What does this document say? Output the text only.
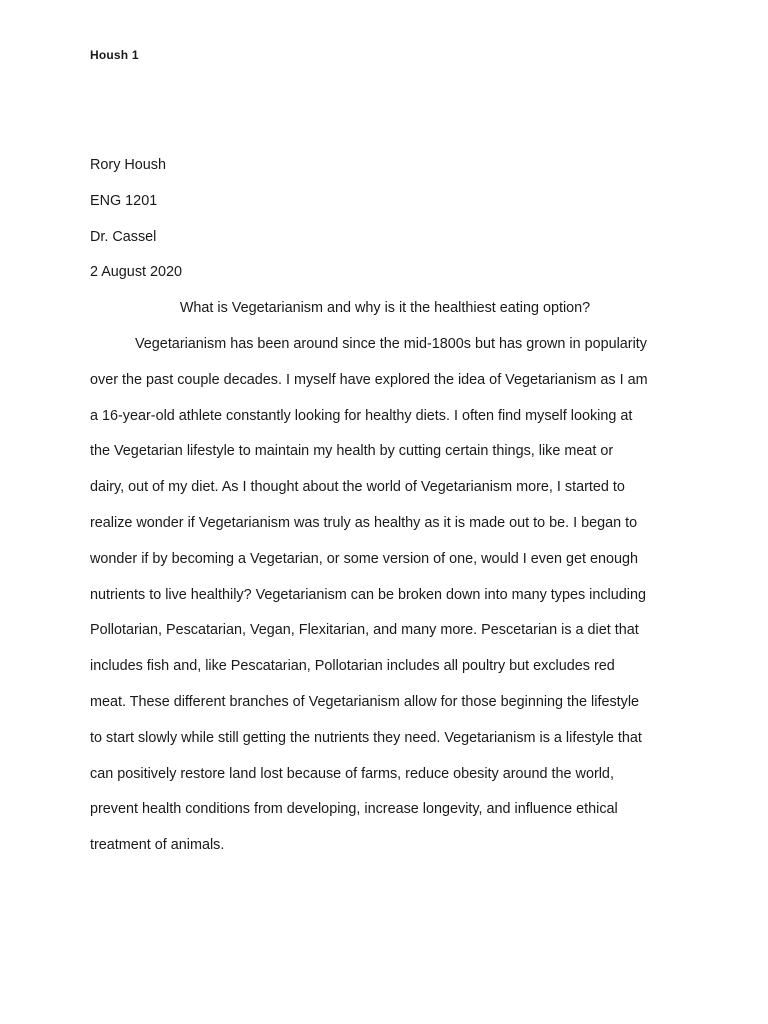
Housh 1
Rory Housh
ENG 1201
Dr. Cassel
2 August 2020
What is Vegetarianism and why is it the healthiest eating option?
Vegetarianism has been around since the mid-1800s but has grown in popularity
over the past couple decades. I myself have explored the idea of Vegetarianism as I am
a 16-year-old athlete constantly looking for healthy diets. I often find myself looking at
the Vegetarian lifestyle to maintain my health by cutting certain things, like meat or
dairy, out of my diet. As I thought about the world of Vegetarianism more, I started to
realize wonder if Vegetarianism was truly as healthy as it is made out to be. I began to
wonder if by becoming a Vegetarian, or some version of one, would I even get enough
nutrients to live healthily? Vegetarianism can be broken down into many types including
Pollotarian, Pescatarian, Vegan, Flexitarian, and many more. Pescetarian is a diet that
includes fish and, like Pescatarian, Pollotarian includes all poultry but excludes red
meat. These different branches of Vegetarianism allow for those beginning the lifestyle
to start slowly while still getting the nutrients they need. Vegetarianism is a lifestyle that
can positively restore land lost because of farms, reduce obesity around the world,
prevent health conditions from developing, increase longevity, and influence ethical
treatment of animals.
